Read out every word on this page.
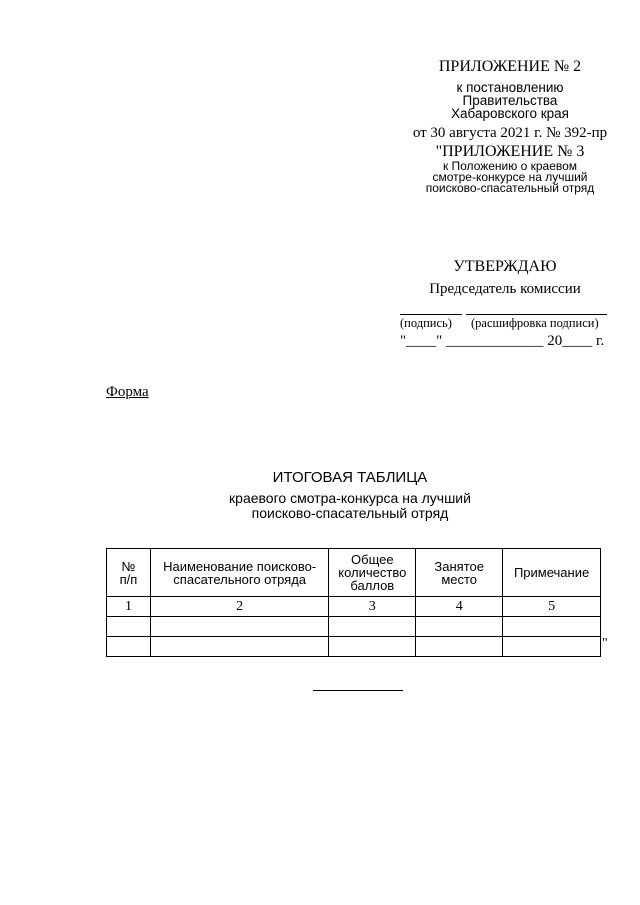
ПРИЛОЖЕНИЕ № 2
к постановлению
Правительства
Хабаровского края
от 30 августа 2021 г. № 392-пр
"ПРИЛОЖЕНИЕ № 3
к Положению о краевом
смотре-конкурсе на лучший
поисково-спасательный отряд
УТВЕРЖДАЮ
Председатель комиссии
(подпись) (расшифровка подписи)
"____" _____________ 20____ г.
Форма
ИТОГОВАЯ ТАБЛИЦА
краевого смотра-конкурса на лучший
поисково-спасательный отряд
№ п/п	Наименование поисково-спасательного отряда	Общее количество баллов	Занятое место	Примечание
1	2	3	4	5

"
